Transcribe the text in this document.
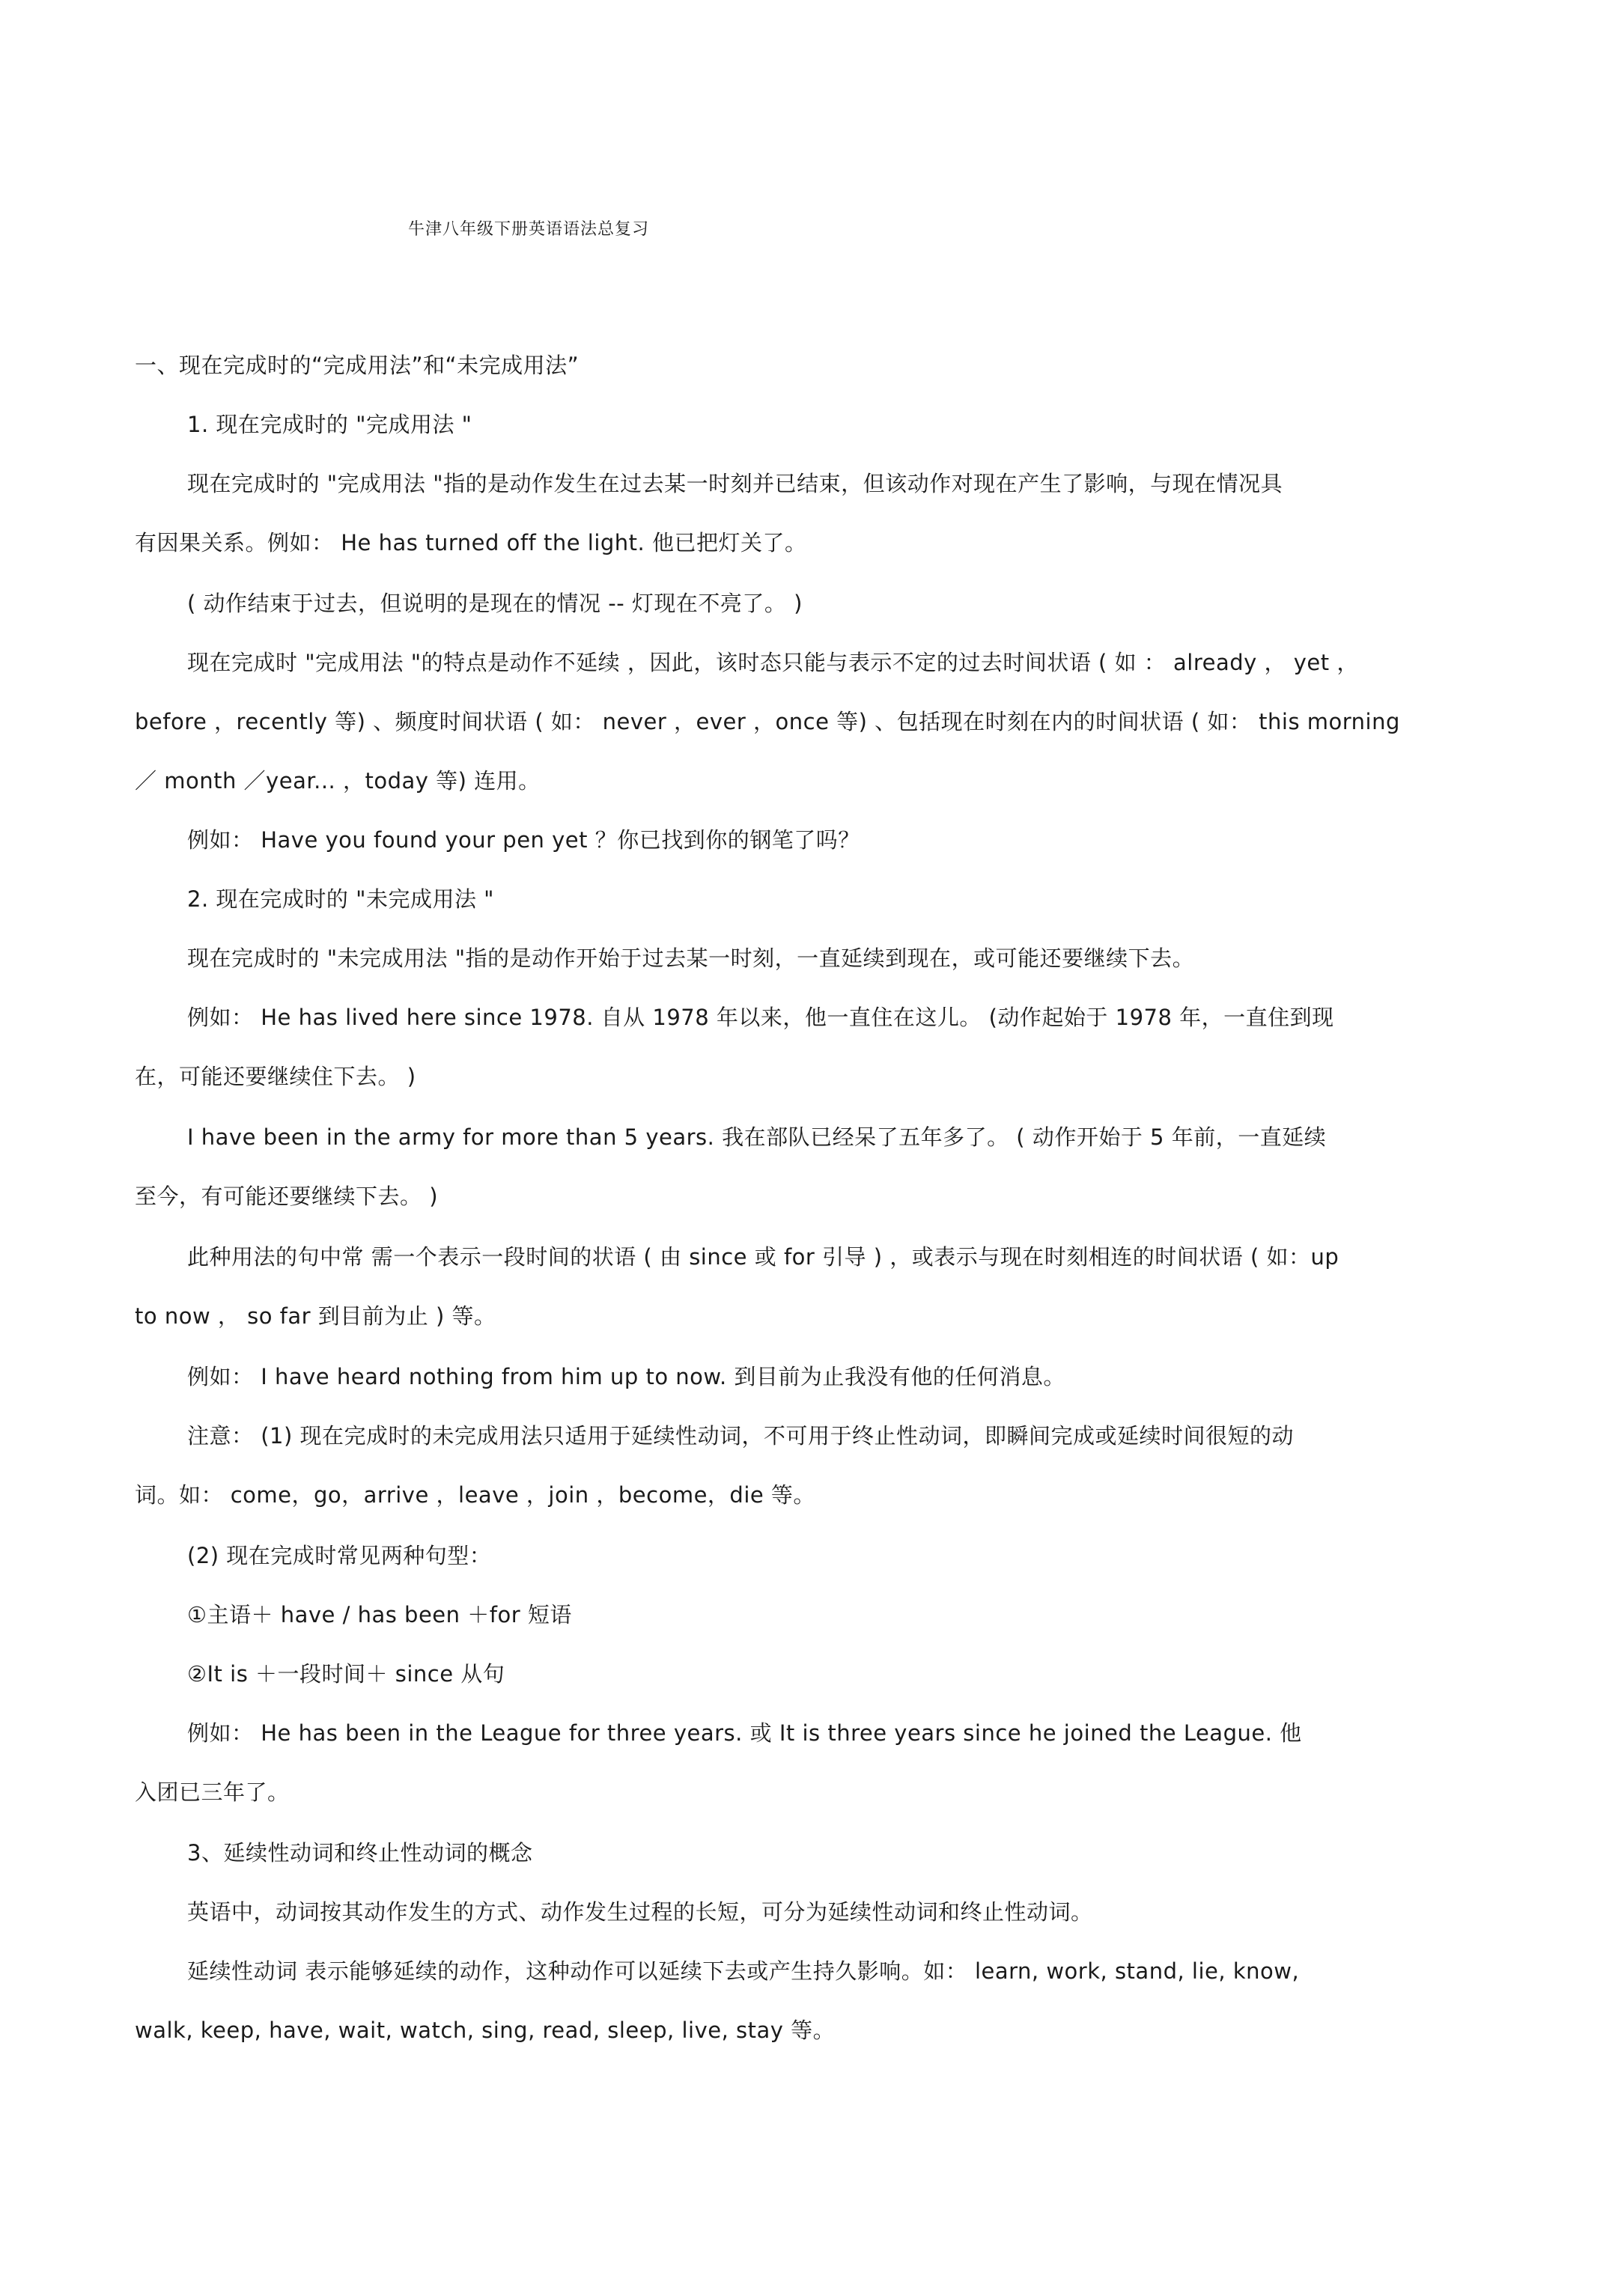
牛津八年级下册英语语法总复习
一、现在完成时的“完成用法”和“未完成用法”
1. 现在完成时的 "完成用法 "
现在完成时的 "完成用法 "指的是动作发生在过去某一时刻并已结束，但该动作对现在产生了影响，与现在情况具
有因果关系。例如： He has turned off the light. 他已把灯关了。
( 动作结束于过去，但说明的是现在的情况 -- 灯现在不亮了。 )
现在完成时 "完成用法 "的特点是动作不延续 ，因此，该时态只能与表示不定的过去时间状语 ( 如 ： already ， yet ，
before ，recently 等) 、频度时间状语 ( 如： never ，ever ，once 等) 、包括现在时刻在内的时间状语 ( 如： this morning
／ month ／year... ，today 等) 连用。
例如： Have you found your pen yet ？你已找到你的钢笔了吗？
2. 现在完成时的 "未完成用法 "
现在完成时的 "未完成用法 "指的是动作开始于过去某一时刻，一直延续到现在，或可能还要继续下去。
例如： He has lived here since 1978. 自从 1978 年以来，他一直住在这儿。 (动作起始于 1978 年，一直住到现
在，可能还要继续住下去。 )
I have been in the army for more than 5 years. 我在部队已经呆了五年多了。 ( 动作开始于 5 年前，一直延续
至今，有可能还要继续下去。 )
此种用法的句中常 需一个表示一段时间的状语 ( 由 since 或 for 引导 ) ，或表示与现在时刻相连的时间状语 ( 如：up
to now ， so far 到目前为止 ) 等。
例如： I have heard nothing from him up to now. 到目前为止我没有他的任何消息。
注意： (1) 现在完成时的未完成用法只适用于延续性动词，不可用于终止性动词，即瞬间完成或延续时间很短的动
词。如： come，go，arrive ，leave ，join ，become，die 等。
(2) 现在完成时常见两种句型：
①主语＋ have / has been ＋for 短语
②It is ＋一段时间＋ since 从句
例如： He has been in the League for three years. 或 It is three years since he joined the League. 他
入团已三年了。
3、延续性动词和终止性动词的概念
英语中，动词按其动作发生的方式、动作发生过程的长短，可分为延续性动词和终止性动词。
延续性动词 表示能够延续的动作，这种动作可以延续下去或产生持久影响。如： learn, work, stand, lie, know,
walk, keep, have, wait, watch, sing, read, sleep, live, stay 等。
